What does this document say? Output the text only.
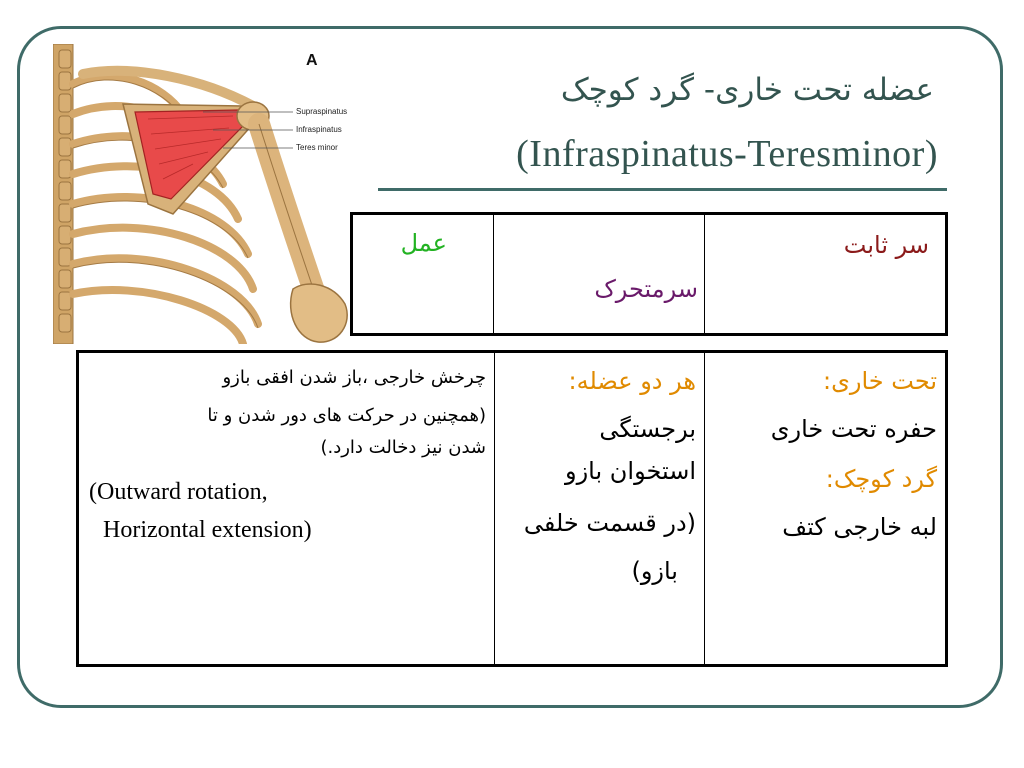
A
Supraspinatus
Infraspinatus
Teres minor
عضله تحت خاری- گرد کوچک
(Infraspinatus-Teresminor)
سر ثابت
سرمتحرک
عمل
تحت خاری:
حفره تحت خاری
گرد کوچک:
لبه خارجی کتف
هر دو عضله:
برجستگی
استخوان بازو
(در قسمت خلفی
بازو)
چرخش خارجی ،باز شدن افقی بازو
(همچنین در حرکت های دور شدن و تا
شدن نیز دخالت دارد.)
(Outward rotation,
Horizontal extension)
